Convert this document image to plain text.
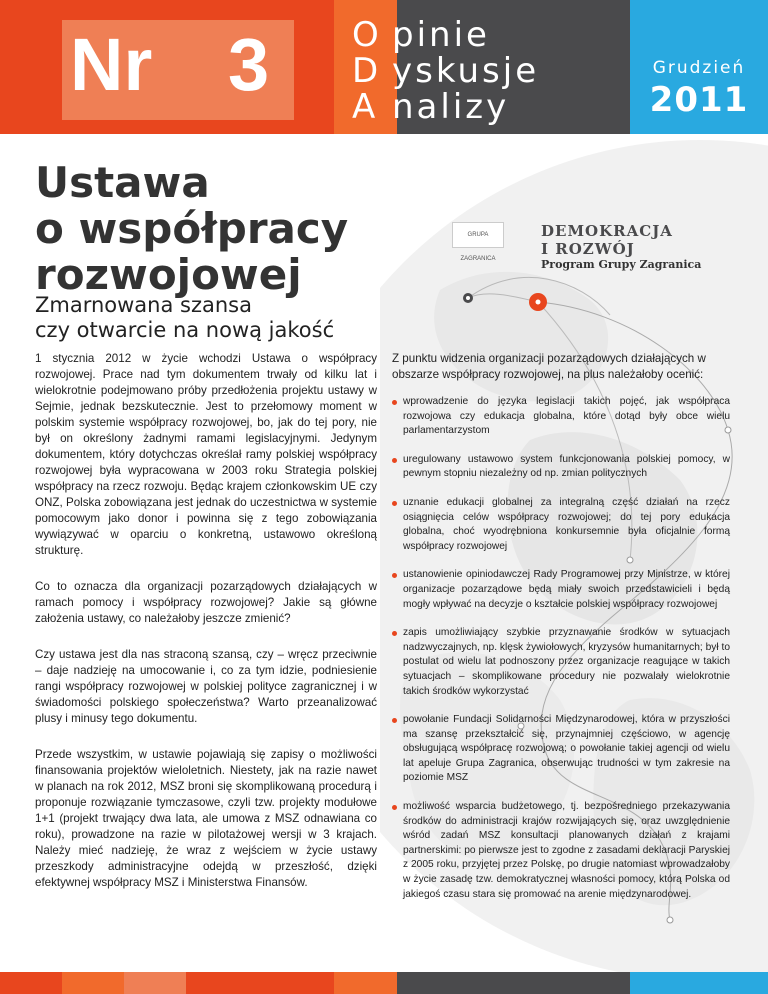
Nr 3 O pinie
D yskusje
A nalizy
Grudzień
2011
GRUPA ZAGRANICA
DEMOKRACJA
I ROZWÓJ
Program Grupy Zagranica
Ustawa
o współpracy
rozwojowej
Zmarnowana szansa
czy otwarcie na nową jakość

1 stycznia 2012 w życie wchodzi Ustawa o współpracy rozwojowej. Prace nad tym dokumentem trwały od kilku lat i wielokrotnie podejmowano próby przedłożenia projektu ustawy w Sejmie, jednak bezskutecznie. Jest to przełomowy moment w polskim systemie współpracy rozwojowej, bo, jak do tej pory, nie był on określony żadnymi ramami legislacyjnymi. Jedynym dokumentem, który dotychczas określał ramy polskiej współpracy rozwojowej była wypracowana w 2003 roku Strategia polskiej współpracy na rzecz rozwoju. Będąc krajem członkowskim UE czy ONZ, Polska zobowiązana jest jednak do uczestnictwa w systemie pomocowym jako donor i powinna się z tego zobowiązania wywiązywać w oparciu o konkretną, ustawowo określoną strukturę.

Co to oznacza dla organizacji pozarządowych działających w ramach pomocy i współpracy rozwojowej? Jakie są główne założenia ustawy, co należałoby jeszcze zmienić?

Czy ustawa jest dla nas straconą szansą, czy – wręcz przeciwnie – daje nadzieję na umocowanie i, co za tym idzie, podniesienie rangi współpracy rozwojowej w polskiej polityce zagranicznej i w świadomości polskiego społeczeństwa? Warto przeanalizować plusy i minusy tego dokumentu.

Przede wszystkim, w ustawie pojawiają się zapisy o możliwości finansowania projektów wieloletnich. Niestety, jak na razie nawet w planach na rok 2012, MSZ broni się skomplikowaną procedurą i proponuje rozwiązanie tymczasowe, czyli tzw. projekty modułowe 1+1 (projekt trwający dwa lata, ale umowa z MSZ odnawiana co roku), prowadzone na razie w pilotażowej wersji w 3 krajach. Należy mieć nadzieję, że wraz z wejściem w życie ustawy przeszkody administracyjne odejdą w przeszłość, dzięki efektywnej współpracy MSZ i Ministerstwa Finansów.

Z punktu widzenia organizacji pozarządowych działających w obszarze współpracy rozwojowej, na plus należałoby ocenić:

wprowadzenie do języka legislacji takich pojęć, jak współpraca rozwojowa czy edukacja globalna, które dotąd były obce wielu parlamentarzystom
uregulowany ustawowo system funkcjonowania polskiej pomocy, w pewnym stopniu niezależny od np. zmian politycznych
uznanie edukacji globalnej za integralną część działań na rzecz osiągnięcia celów współpracy rozwojowej; do tej pory edukacja globalna, choć wyodrębniona konkursemnie była oficjalnie formą współpracy rozwojowej
ustanowienie opiniodawczej Rady Programowej przy Ministrze, w której organizacje pozarządowe będą miały swoich przedstawicieli i będą mogły wpływać na decyzje o kształcie polskiej współpracy rozwojowej
zapis umożliwiający szybkie przyznawanie środków w sytuacjach nadzwyczajnych, np. klęsk żywiołowych, kryzysów humanitarnych; był to postulat od wielu lat podnoszony przez organizacje reagujące w takich sytuacjach – skomplikowane procedury nie pozwalały wielokrotnie takich środków wykorzystać
powołanie Fundacji Solidarności Międzynarodowej, która w przyszłości ma szansę przekształcić się, przynajmniej częściowo, w agencję obsługującą współpracę rozwojową; o powołanie takiej agencji od wielu lat apeluje Grupa Zagranica, obserwując trudności w tym zakresie na poziomie MSZ
możliwość wsparcia budżetowego, tj. bezpośredniego przekazywania środków do administracji krajów rozwijających się, oraz uwzględnienie wśród zadań MSZ konsultacji planowanych działań z krajami partnerskimi: po pierwsze jest to zgodne z zasadami deklaracji Paryskiej z 2005 roku, przyjętej przez Polskę, po drugie natomiast wprowadzałoby w życie zasadę tzw. demokratycznej własności pomocy, którą Polska od jakiegoś czasu stara się promować na arenie międzynarodowej.
